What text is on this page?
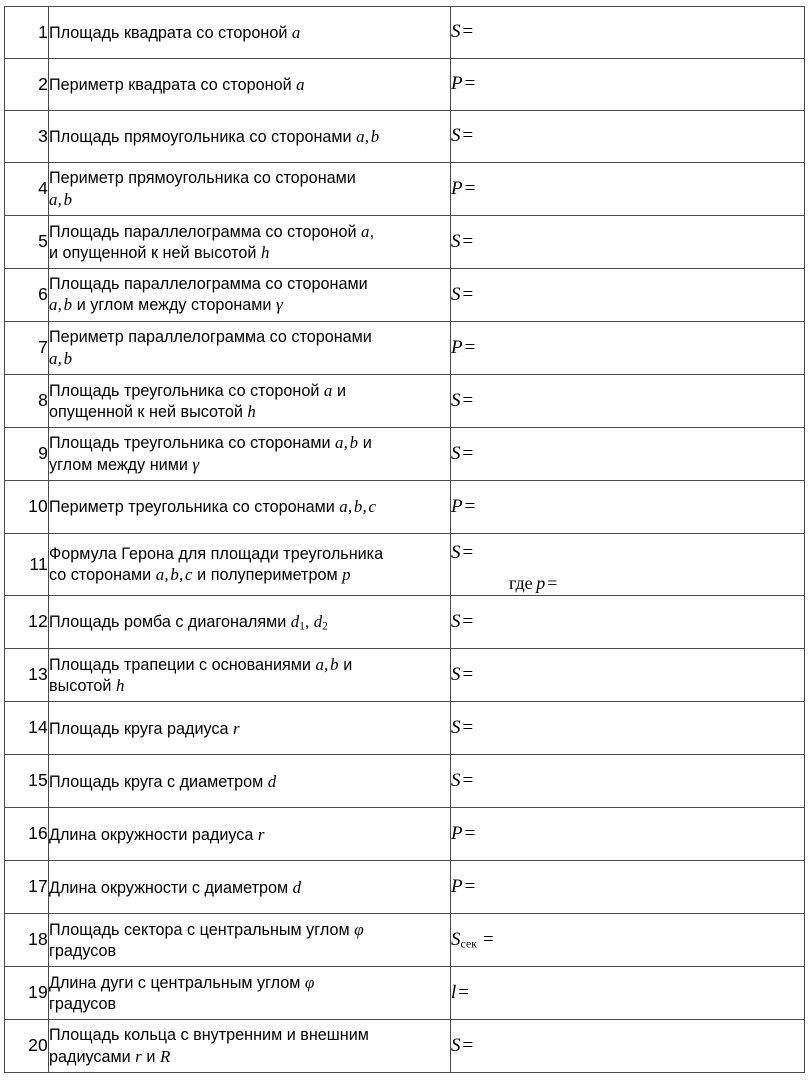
1	Площадь квадрата со стороной a	S =
2	Периметр квадрата со стороной a	P =
3	Площадь прямоугольника со сторонами a, b	S =
4	Периметр прямоугольника со сторонами
a, b	P =
5	Площадь параллелограмма со стороной a,
и опущенной к ней высотой h	S =
6	Площадь параллелограмма со сторонами
a, b и углом между сторонами γ	S =
7	Периметр параллелограмма со сторонами
a, b	P =
8	Площадь треугольника со стороной a и
опущенной к ней высотой h	S =
9	Площадь треугольника со сторонами a, b и
углом между ними γ	S =
10	Периметр треугольника со сторонами a, b, c	P =
11	Формула Герона для площади треугольника
со сторонами a, b, c и полупериметром p	S =
где  p =

12	Площадь ромба с диагоналями $d_1$, $d_2$	S =
13	Площадь трапеции с основаниями a, b и
высотой h	S =
14	Площадь круга радиуса r	S =
15	Площадь круга с диаметром d	S =
16	Длина окружности радиуса r	P =
17	Длина окружности с диаметром d	P =
18	Площадь сектора с центральным углом φ
градусов	Sсек  =
19	Длина дуги с центральным углом φ
градусов	l =
20	Площадь кольца с внутренним и внешним
радиусами r и R	S =
